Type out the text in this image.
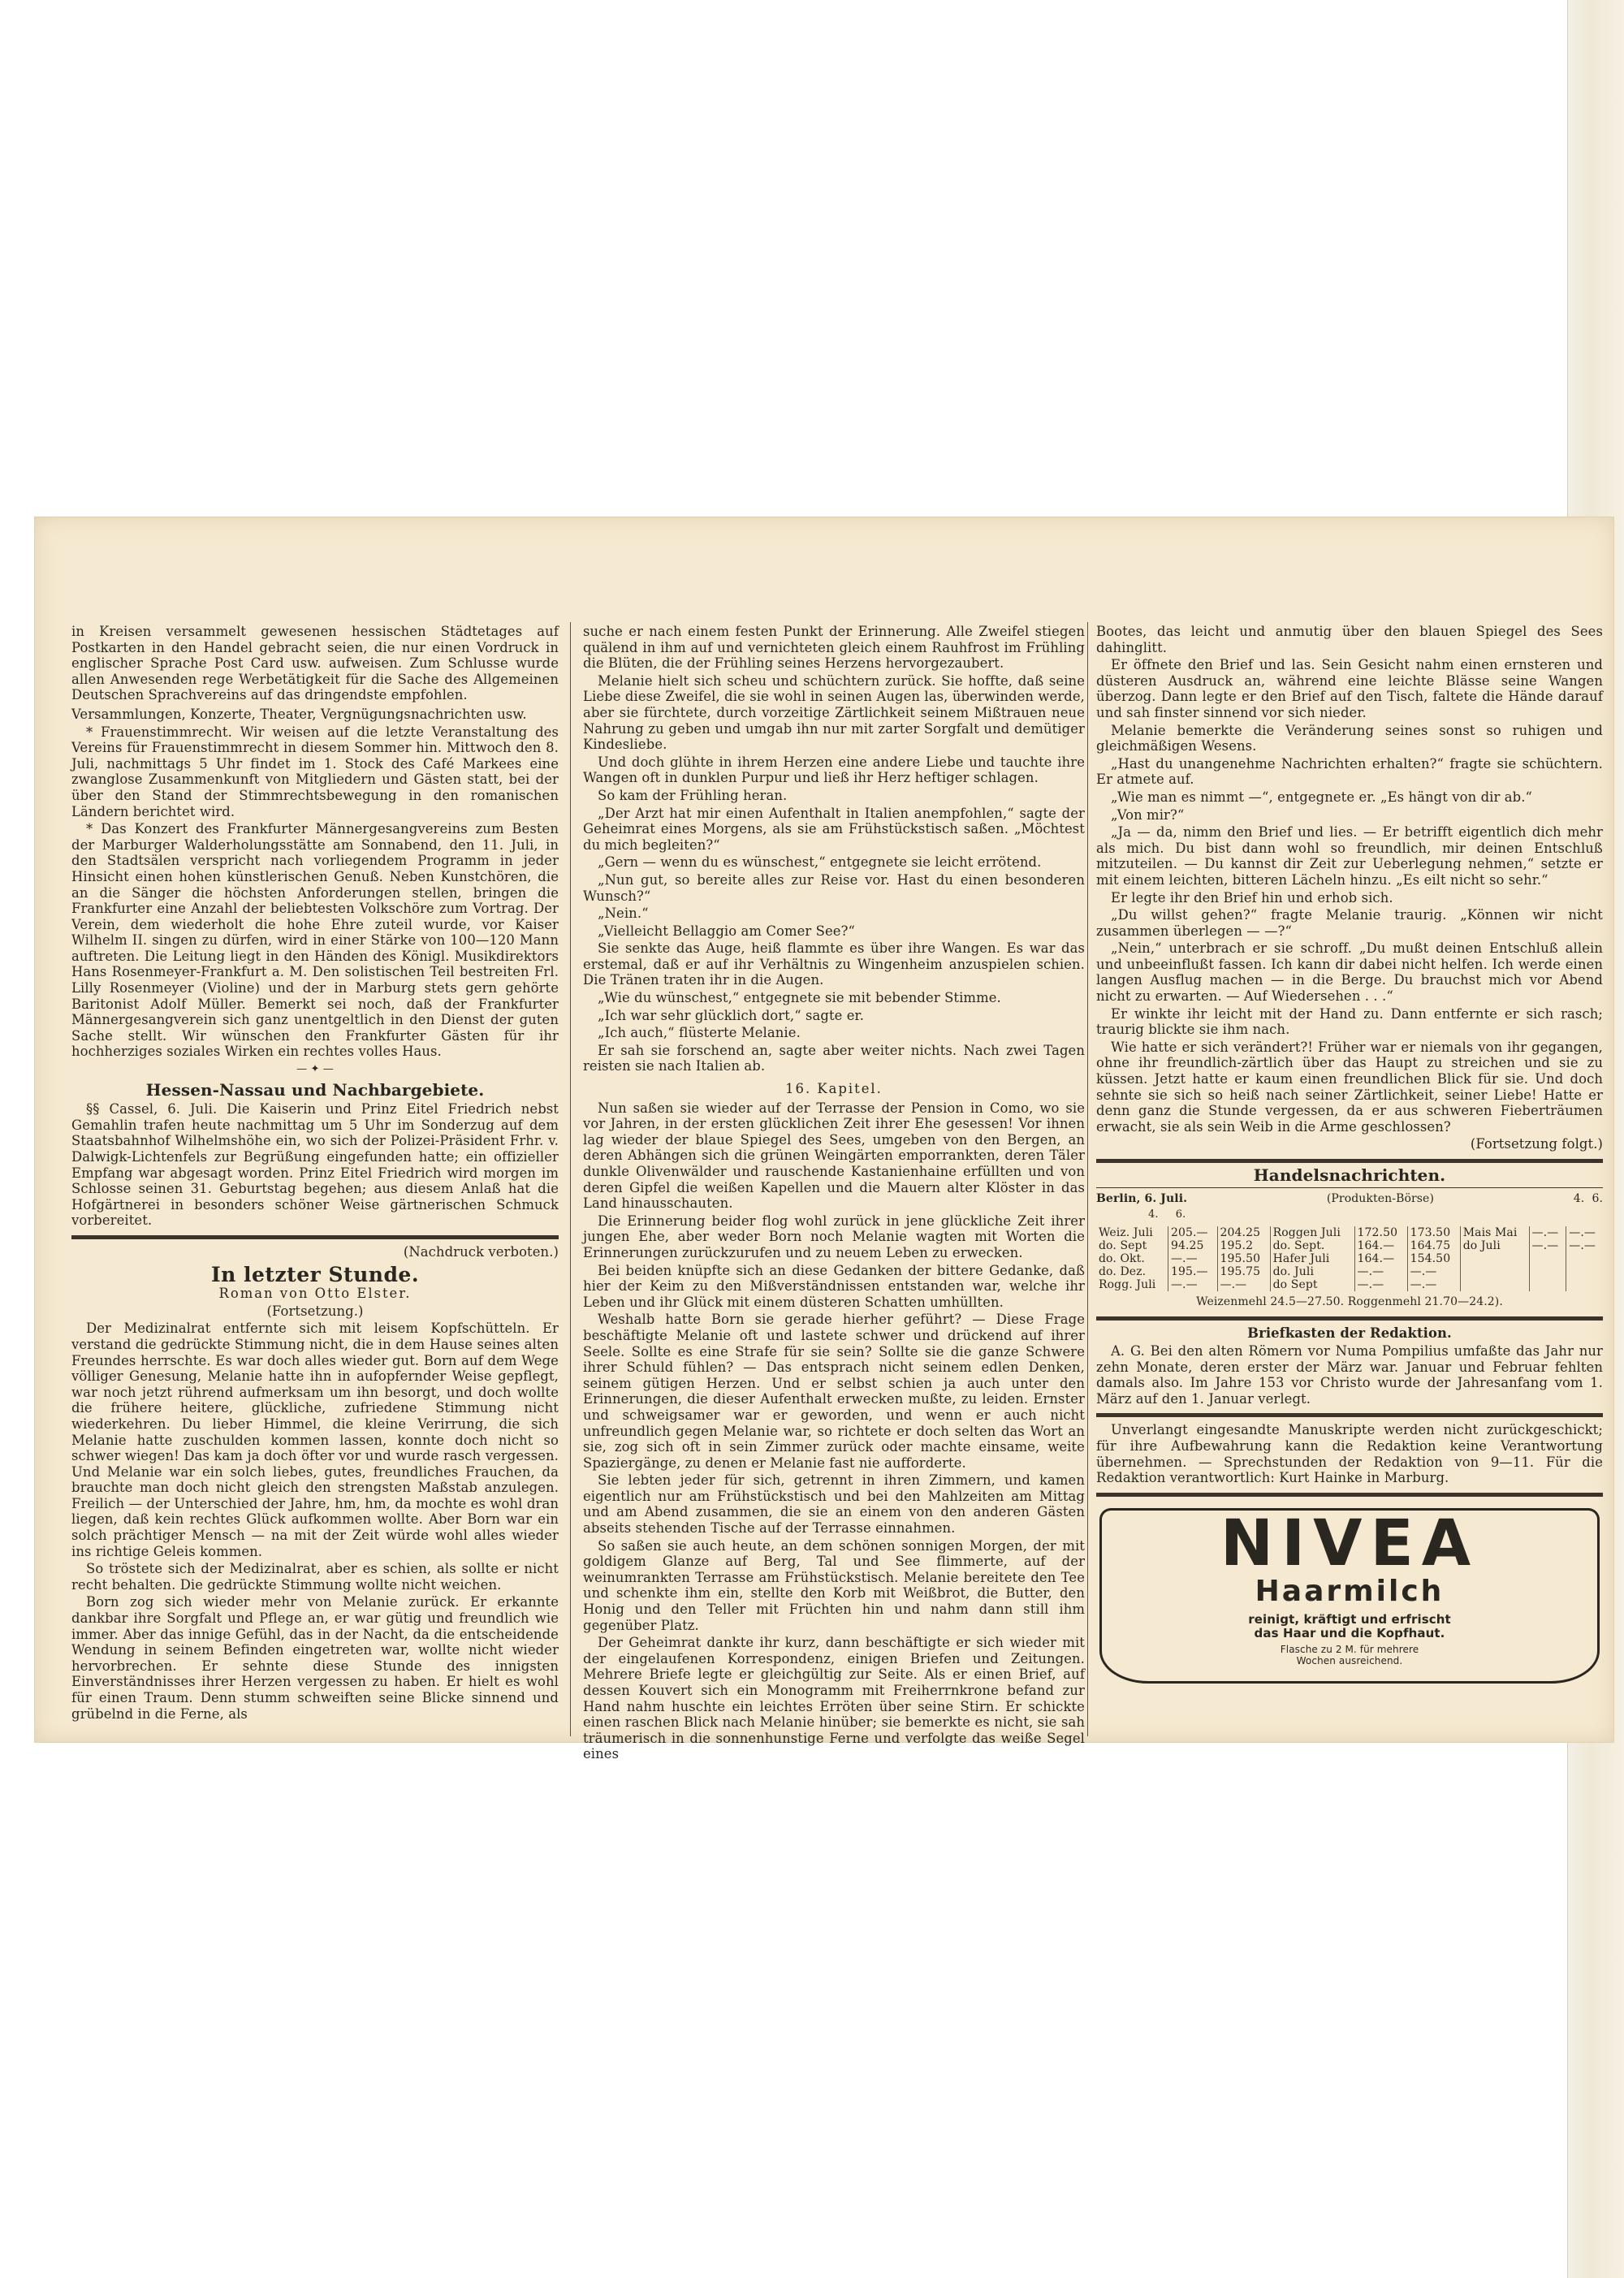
in Kreisen versammelt gewesenen hessischen Städtetages auf Postkarten in den Handel gebracht seien, die nur einen Vordruck in englischer Sprache Post Card usw. aufweisen. Zum Schlusse wurde allen Anwesenden rege Werbetätigkeit für die Sache des Allgemeinen Deutschen Sprachvereins auf das dringendste empfohlen.

Versammlungen, Konzerte, Theater, Vergnügungsnachrichten usw.

* Frauenstimmrecht. Wir weisen auf die letzte Veranstaltung des Vereins für Frauenstimmrecht in diesem Sommer hin. Mittwoch den 8. Juli, nachmittags 5 Uhr findet im 1. Stock des Café Markees eine zwanglose Zusammenkunft von Mitgliedern und Gästen statt, bei der über den Stand der Stimmrechtsbewegung in den romanischen Ländern berichtet wird.

* Das Konzert des Frankfurter Männergesangvereins zum Besten der Marburger Walderholungsstätte am Sonnabend, den 11. Juli, in den Stadtsälen verspricht nach vorliegendem Programm in jeder Hinsicht einen hohen künstlerischen Genuß. Neben Kunstchören, die an die Sänger die höchsten Anforderungen stellen, bringen die Frankfurter eine Anzahl der beliebtesten Volkschöre zum Vortrag. Der Verein, dem wiederholt die hohe Ehre zuteil wurde, vor Kaiser Wilhelm II. singen zu dürfen, wird in einer Stärke von 100—120 Mann auftreten. Die Leitung liegt in den Händen des Königl. Musikdirektors Hans Rosenmeyer-Frankfurt a. M. Den solistischen Teil bestreiten Frl. Lilly Rosenmeyer (Violine) und der in Marburg stets gern gehörte Baritonist Adolf Müller. Bemerkt sei noch, daß der Frankfurter Männergesangverein sich ganz unentgeltlich in den Dienst der guten Sache stellt. Wir wünschen den Frankfurter Gästen für ihr hochherziges soziales Wirken ein rechtes volles Haus.

— ✦ —
Hessen-Nassau und Nachbargebiete.

§§ Cassel, 6. Juli. Die Kaiserin und Prinz Eitel Friedrich nebst Gemahlin trafen heute nachmittag um 5 Uhr im Sonderzug auf dem Staatsbahnhof Wilhelmshöhe ein, wo sich der Polizei-Präsident Frhr. v. Dalwigk-Lichtenfels zur Begrüßung eingefunden hatte; ein offizieller Empfang war abgesagt worden. Prinz Eitel Friedrich wird morgen im Schlosse seinen 31. Geburtstag begehen; aus diesem Anlaß hat die Hofgärtnerei in besonders schöner Weise gärtnerischen Schmuck vorbereitet.

(Nachdruck verboten.)

In letzter Stunde.

Roman von Otto Elster.

(Fortsetzung.)

Der Medizinalrat entfernte sich mit leisem Kopfschütteln. Er verstand die gedrückte Stimmung nicht, die in dem Hause seines alten Freundes herrschte. Es war doch alles wieder gut. Born auf dem Wege völliger Genesung, Melanie hatte ihn in aufopfernder Weise gepflegt, war noch jetzt rührend aufmerksam um ihn besorgt, und doch wollte die frühere heitere, glückliche, zufriedene Stimmung nicht wiederkehren. Du lieber Himmel, die kleine Verirrung, die sich Melanie hatte zuschulden kommen lassen, konnte doch nicht so schwer wiegen! Das kam ja doch öfter vor und wurde rasch vergessen. Und Melanie war ein solch liebes, gutes, freundliches Frauchen, da brauchte man doch nicht gleich den strengsten Maßstab anzulegen. Freilich — der Unterschied der Jahre, hm, hm, da mochte es wohl dran liegen, daß kein rechtes Glück aufkommen wollte. Aber Born war ein solch prächtiger Mensch — na mit der Zeit würde wohl alles wieder ins richtige Geleis kommen.

So tröstete sich der Medizinalrat, aber es schien, als sollte er nicht recht behalten. Die gedrückte Stimmung wollte nicht weichen.

Born zog sich wieder mehr von Melanie zurück. Er erkannte dankbar ihre Sorgfalt und Pflege an, er war gütig und freundlich wie immer. Aber das innige Gefühl, das in der Nacht, da die entscheidende Wendung in seinem Befinden eingetreten war, wollte nicht wieder hervorbrechen. Er sehnte diese Stunde des innigsten Einverständnisses ihrer Herzen vergessen zu haben. Er hielt es wohl für einen Traum. Denn stumm schweiften seine Blicke sinnend und grübelnd in die Ferne, als

suche er nach einem festen Punkt der Erinnerung. Alle Zweifel stiegen quälend in ihm auf und vernichteten gleich einem Rauhfrost im Frühling die Blüten, die der Frühling seines Herzens hervorgezaubert.

Melanie hielt sich scheu und schüchtern zurück. Sie hoffte, daß seine Liebe diese Zweifel, die sie wohl in seinen Augen las, überwinden werde, aber sie fürchtete, durch vorzeitige Zärtlichkeit seinem Mißtrauen neue Nahrung zu geben und umgab ihn nur mit zarter Sorgfalt und demütiger Kindesliebe.

Und doch glühte in ihrem Herzen eine andere Liebe und tauchte ihre Wangen oft in dunklen Purpur und ließ ihr Herz heftiger schlagen.

So kam der Frühling heran.

„Der Arzt hat mir einen Aufenthalt in Italien anempfohlen,“ sagte der Geheimrat eines Morgens, als sie am Frühstückstisch saßen. „Möchtest du mich begleiten?“

„Gern — wenn du es wünschest,“ entgegnete sie leicht errötend.

„Nun gut, so bereite alles zur Reise vor. Hast du einen besonderen Wunsch?“

„Nein.“

„Vielleicht Bellaggio am Comer See?“

Sie senkte das Auge, heiß flammte es über ihre Wangen. Es war das erstemal, daß er auf ihr Verhältnis zu Wingenheim anzuspielen schien. Die Tränen traten ihr in die Augen.

„Wie du wünschest,“ entgegnete sie mit bebender Stimme.

„Ich war sehr glücklich dort,“ sagte er.

„Ich auch,“ flüsterte Melanie.

Er sah sie forschend an, sagte aber weiter nichts. Nach zwei Tagen reisten sie nach Italien ab.

16. Kapitel.

Nun saßen sie wieder auf der Terrasse der Pension in Como, wo sie vor Jahren, in der ersten glücklichen Zeit ihrer Ehe gesessen! Vor ihnen lag wieder der blaue Spiegel des Sees, umgeben von den Bergen, an deren Abhängen sich die grünen Weingärten emporrankten, deren Täler dunkle Olivenwälder und rauschende Kastanienhaine erfüllten und von deren Gipfel die weißen Kapellen und die Mauern alter Klöster in das Land hinausschauten.

Die Erinnerung beider flog wohl zurück in jene glückliche Zeit ihrer jungen Ehe, aber weder Born noch Melanie wagten mit Worten die Erinnerungen zurückzurufen und zu neuem Leben zu erwecken.

Bei beiden knüpfte sich an diese Gedanken der bittere Gedanke, daß hier der Keim zu den Mißverständnissen entstanden war, welche ihr Leben und ihr Glück mit einem düsteren Schatten umhüllten.

Weshalb hatte Born sie gerade hierher geführt? — Diese Frage beschäftigte Melanie oft und lastete schwer und drückend auf ihrer Seele. Sollte es eine Strafe für sie sein? Sollte sie die ganze Schwere ihrer Schuld fühlen? — Das entsprach nicht seinem edlen Denken, seinem gütigen Herzen. Und er selbst schien ja auch unter den Erinnerungen, die dieser Aufenthalt erwecken mußte, zu leiden. Ernster und schweigsamer war er geworden, und wenn er auch nicht unfreundlich gegen Melanie war, so richtete er doch selten das Wort an sie, zog sich oft in sein Zimmer zurück oder machte einsame, weite Spaziergänge, zu denen er Melanie fast nie aufforderte.

Sie lebten jeder für sich, getrennt in ihren Zimmern, und kamen eigentlich nur am Frühstückstisch und bei den Mahlzeiten am Mittag und am Abend zusammen, die sie an einem von den anderen Gästen abseits stehenden Tische auf der Terrasse einnahmen.

So saßen sie auch heute, an dem schönen sonnigen Morgen, der mit goldigem Glanze auf Berg, Tal und See flimmerte, auf der weinumrankten Terrasse am Frühstückstisch. Melanie bereitete den Tee und schenkte ihm ein, stellte den Korb mit Weißbrot, die Butter, den Honig und den Teller mit Früchten hin und nahm dann still ihm gegenüber Platz.

Der Geheimrat dankte ihr kurz, dann beschäftigte er sich wieder mit der eingelaufenen Korrespondenz, einigen Briefen und Zeitungen. Mehrere Briefe legte er gleichgültig zur Seite. Als er einen Brief, auf dessen Kouvert sich ein Monogramm mit Freiherrnkrone befand zur Hand nahm huschte ein leichtes Erröten über seine Stirn. Er schickte einen raschen Blick nach Melanie hinüber; sie bemerkte es nicht, sie sah träumerisch in die sonnenhunstige Ferne und verfolgte das weiße Segel eines

Bootes, das leicht und anmutig über den blauen Spiegel des Sees dahinglitt.

Er öffnete den Brief und las. Sein Gesicht nahm einen ernsteren und düsteren Ausdruck an, während eine leichte Blässe seine Wangen überzog. Dann legte er den Brief auf den Tisch, faltete die Hände darauf und sah finster sinnend vor sich nieder.

Melanie bemerkte die Veränderung seines sonst so ruhigen und gleichmäßigen Wesens.

„Hast du unangenehme Nachrichten erhalten?“ fragte sie schüchtern. Er atmete auf.

„Wie man es nimmt —“, entgegnete er. „Es hängt von dir ab.“

„Von mir?“

„Ja — da, nimm den Brief und lies. — Er betrifft eigentlich dich mehr als mich. Du bist dann wohl so freundlich, mir deinen Entschluß mitzuteilen. — Du kannst dir Zeit zur Ueberlegung nehmen,“ setzte er mit einem leichten, bitteren Lächeln hinzu. „Es eilt nicht so sehr.“

Er legte ihr den Brief hin und erhob sich.

„Du willst gehen?“ fragte Melanie traurig. „Können wir nicht zusammen überlegen — —?“

„Nein,“ unterbrach er sie schroff. „Du mußt deinen Entschluß allein und unbeeinflußt fassen. Ich kann dir dabei nicht helfen. Ich werde einen langen Ausflug machen — in die Berge. Du brauchst mich vor Abend nicht zu erwarten. — Auf Wiedersehen . . .“

Er winkte ihr leicht mit der Hand zu. Dann entfernte er sich rasch; traurig blickte sie ihm nach.

Wie hatte er sich verändert?! Früher war er niemals von ihr gegangen, ohne ihr freundlich-zärtlich über das Haupt zu streichen und sie zu küssen. Jetzt hatte er kaum einen freundlichen Blick für sie. Und doch sehnte sie sich so heiß nach seiner Zärtlichkeit, seiner Liebe! Hatte er denn ganz die Stunde vergessen, da er aus schweren Fieberträumen erwacht, sie als sein Weib in die Arme geschlossen?

(Fortsetzung folgt.)

Handelsnachrichten.
Berlin, 6. Juli.	(Produkten-Börse)	4. 6.
4. 6.
Weiz. Juli	205.—	204.25	Roggen Juli	172.50	173.50	Mais Mai	—.—	—.—
do. Sept	94.25	195.2	do. Sept.	164.—	164.75	do Juli	—.—	—.—
do. Okt.	—.—	195.50	Hafer Juli	164.—	154.50			
do. Dez.	195.—	195.75	do. Juli	—.—	—.—			
Rogg. Juli	—.—	—.—	do Sept	—.—	—.—			

Weizenmehl 24.5—27.50. Roggenmehl 21.70—24.2).

Briefkasten der Redaktion.

A. G. Bei den alten Römern vor Numa Pompilius umfaßte das Jahr nur zehn Monate, deren erster der März war. Januar und Februar fehlten damals also. Im Jahre 153 vor Christo wurde der Jahresanfang vom 1. März auf den 1. Januar verlegt.

Unverlangt eingesandte Manuskripte werden nicht zurückgeschickt; für ihre Aufbewahrung kann die Redaktion keine Verantwortung übernehmen. — Sprechstunden der Redaktion von 9—11. Für die Redaktion verantwortlich: Kurt Hainke in Marburg.

NIVEA
Haarmilch
reinigt, kräftigt und erfrischt
das Haar und die Kopfhaut.
Flasche zu 2 M. für mehrere
Wochen ausreichend.
